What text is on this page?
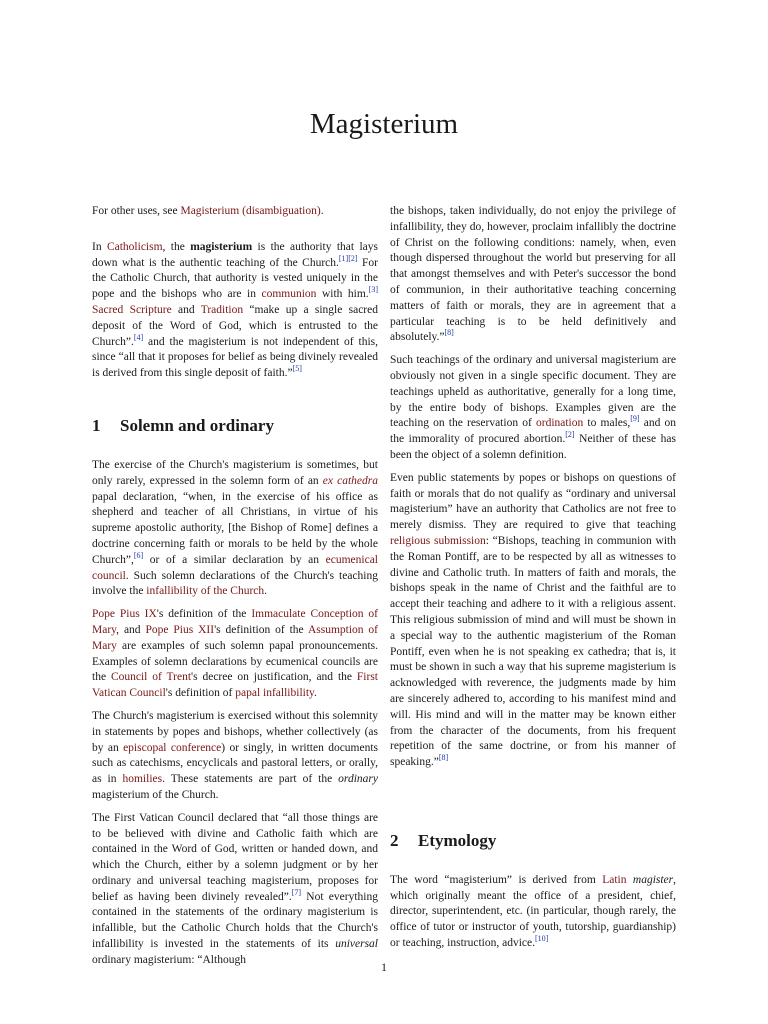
Magisterium

For other uses, see Magisterium (disambiguation).

In Catholicism, the magisterium is the authority that lays down what is the authentic teaching of the Church.[1][2] For the Catholic Church, that authority is vested uniquely in the pope and the bishops who are in communion with him.[3] Sacred Scripture and Tradition “make up a single sacred deposit of the Word of God, which is entrusted to the Church”.[4] and the magisterium is not independent of this, since “all that it proposes for belief as being divinely revealed is derived from this single deposit of faith.”[5]

1 Solemn and ordinary

The exercise of the Church's magisterium is sometimes, but only rarely, expressed in the solemn form of an ex cathedra papal declaration, “when, in the exercise of his office as shepherd and teacher of all Christians, in virtue of his supreme apostolic authority, [the Bishop of Rome] defines a doctrine concerning faith or morals to be held by the whole Church”,[6] or of a similar declaration by an ecumenical council. Such solemn declarations of the Church's teaching involve the infallibility of the Church.

Pope Pius IX's definition of the Immaculate Conception of Mary, and Pope Pius XII's definition of the Assumption of Mary are examples of such solemn papal pronouncements. Examples of solemn declarations by ecumenical councils are the Council of Trent's decree on justification, and the First Vatican Council's definition of papal infallibility.

The Church's magisterium is exercised without this solemnity in statements by popes and bishops, whether collectively (as by an episcopal conference) or singly, in written documents such as catechisms, encyclicals and pastoral letters, or orally, as in homilies. These statements are part of the ordinary magisterium of the Church.

The First Vatican Council declared that “all those things are to be believed with divine and Catholic faith which are contained in the Word of God, written or handed down, and which the Church, either by a solemn judgment or by her ordinary and universal teaching magisterium, proposes for belief as having been divinely revealed”.[7] Not everything contained in the statements of the ordinary magisterium is infallible, but the Catholic Church holds that the Church's infallibility is invested in the statements of its universal ordinary magisterium: “Although

the bishops, taken individually, do not enjoy the privilege of infallibility, they do, however, proclaim infallibly the doctrine of Christ on the following conditions: namely, when, even though dispersed throughout the world but preserving for all that amongst themselves and with Peter's successor the bond of communion, in their authoritative teaching concerning matters of faith or morals, they are in agreement that a particular teaching is to be held definitively and absolutely.”[8]

Such teachings of the ordinary and universal magisterium are obviously not given in a single specific document. They are teachings upheld as authoritative, generally for a long time, by the entire body of bishops. Examples given are the teaching on the reservation of ordination to males,[9] and on the immorality of procured abortion.[2] Neither of these has been the object of a solemn definition.

Even public statements by popes or bishops on questions of faith or morals that do not qualify as “ordinary and universal magisterium” have an authority that Catholics are not free to merely dismiss. They are required to give that teaching religious submission: “Bishops, teaching in communion with the Roman Pontiff, are to be respected by all as witnesses to divine and Catholic truth. In matters of faith and morals, the bishops speak in the name of Christ and the faithful are to accept their teaching and adhere to it with a religious assent. This religious submission of mind and will must be shown in a special way to the authentic magisterium of the Roman Pontiff, even when he is not speaking ex cathedra; that is, it must be shown in such a way that his supreme magisterium is acknowledged with reverence, the judgments made by him are sincerely adhered to, according to his manifest mind and will. His mind and will in the matter may be known either from the character of the documents, from his frequent repetition of the same doctrine, or from his manner of speaking.”[8]

2 Etymology

The word “magisterium” is derived from Latin magister, which originally meant the office of a president, chief, director, superintendent, etc. (in particular, though rarely, the office of tutor or instructor of youth, tutorship, guardianship) or teaching, instruction, advice.[10]

1
